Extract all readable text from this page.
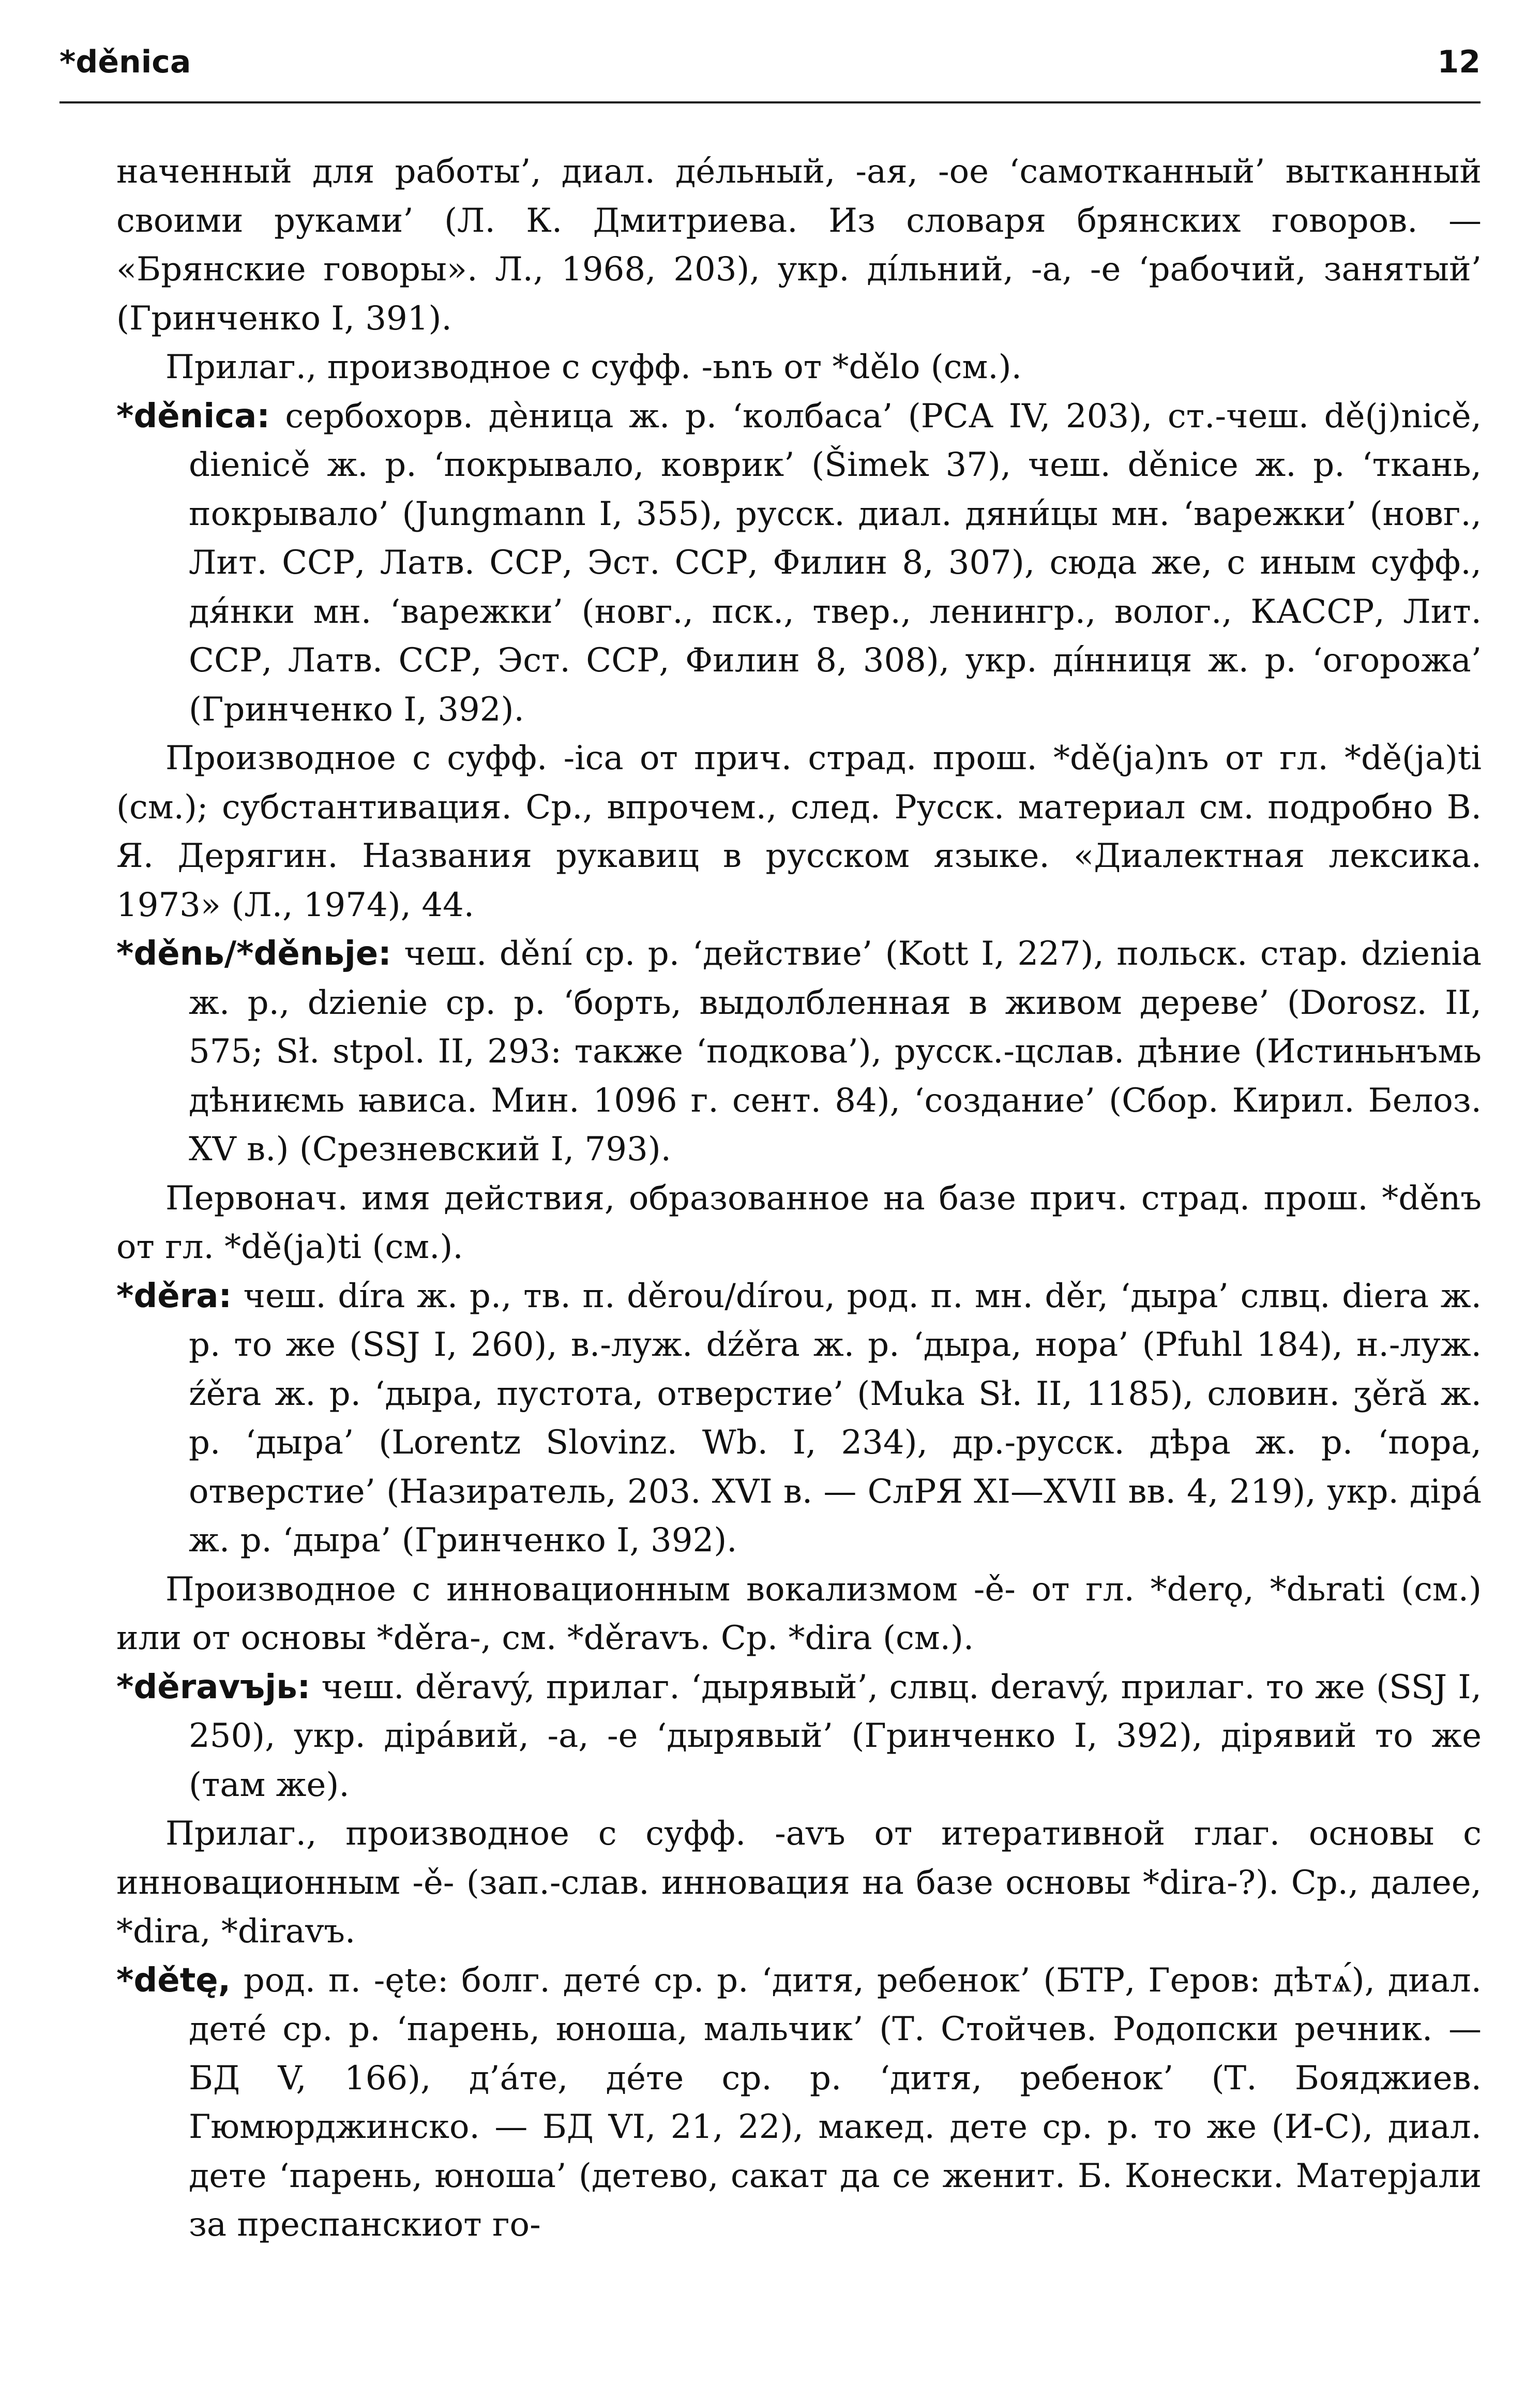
*děnica	12

наченный для работы’, диал. дéльный, -ая, -ое ‘самотканный’ вытканный своими руками’ (Л. К. Дмитриева. Из словаря брянских говоров. — «Брянские говоры». Л., 1968, 203), укр. дíльний, -а, -е ‘рабочий, занятый’ (Гринченко I, 391).

Прилаг., производное с суфф. -ьnъ от *dělo (см.).

*děnica: сербохорв. дѐница ж. р. ‘колбаса’ (РСА IV, 203), ст.-чеш. dě(j)nicě, dienicě ж. р. ‘покрывало, коврик’ (Šimek 37), чеш. děnice ж. р. ‘ткань, покрывало’ (Jungmann I, 355), русск. диал. дяни́цы мн. ‘варежки’ (новг., Лит. ССР, Латв. ССР, Эст. ССР, Филин 8, 307), сюда же, с иным суфф., дя́нки мн. ‘варежки’ (новг., пск., твер., ленингр., волог., КАССР, Лит. ССР, Латв. ССР, Эст. ССР, Филин 8, 308), укр. дíнниця ж. р. ‘огорожа’ (Гринченко I, 392).

Производное с суфф. -ica от прич. страд. прош. *dě(ja)nъ от гл. *dě(ja)ti (см.); субстантивация. Ср., впрочем., след. Русск. материал см. подробно В. Я. Дерягин. Названия рукавиц в русском языке. «Диалектная лексика. 1973» (Л., 1974), 44.

*děnь/*děnьje: чеш. dění ср. р. ‘действие’ (Kott I, 227), польск. стар. dzienia ж. р., dzienie ср. р. ‘борть, выдолбленная в живом дереве’ (Dorosz. II, 575; Sł. stpol. II, 293: также ‘подкова’), русск.-цслав. дѣние (Истиньнъмь дѣниѥмь ꙗвиса. Мин. 1096 г. сент. 84), ‘создание’ (Сбор. Кирил. Белоз. XV в.) (Срезневский I, 793).

Первонач. имя действия, образованное на базе прич. страд. прош. *děnъ от гл. *dě(ja)ti (см.).

*děra: чеш. díra ж. р., тв. п. děrou/dírou, род. п. мн. děr, ‘дыра’ слвц. diera ж. р. то же (SSJ I, 260), в.-луж. dźěra ж. р. ‘дыра, нора’ (Pfuhl 184), н.-луж. źěra ж. р. ‘дыра, пустота, отверстие’ (Muka Sł. II, 1185), словин. ʒěră ж. р. ‘дыра’ (Lorentz Slovinz. Wb. I, 234), др.-русск. дѣра ж. р. ‘пора, отверстие’ (Назиратель, 203. XVI в. — СлРЯ XI—XVII вв. 4, 219), укр. дірá ж. р. ‘дыра’ (Гринченко I, 392).

Производное с инновационным вокализмом -ě- от гл. *derǫ, *dьrati (см.) или от основы *děra-, см. *děravъ. Ср. *dira (см.).

*děravъjь: чеш. děravý, прилаг. ‘дырявый’, слвц. deravý, прилаг. то же (SSJ I, 250), укр. дірáвий, -а, -е ‘дырявый’ (Гринченко I, 392), дірявий то же (там же).

Прилаг., производное с суфф. -avъ от итеративной глаг. основы с инновационным -ě- (зап.-слав. инновация на базе основы *dira-?). Ср., далее, *dira, *diravъ.

*dětę, род. п. -ęte: болг. детé ср. р. ‘дитя, ребенок’ (БТР, Геров: дѣтѧ́), диал. детé ср. р. ‘парень, юноша, мальчик’ (Т. Стойчев. Родопски речник. — БД V, 166), д’áте, дéте ср. р. ‘дитя, ребенок’ (Т. Бояджиев. Гюмюрджинско. — БД VI, 21, 22), макед. дете ср. р. то же (И-С), диал. дете ‘парень, юноша’ (детево, сакат да се женит. Б. Конески. Матерјали за преспанскиот го-
